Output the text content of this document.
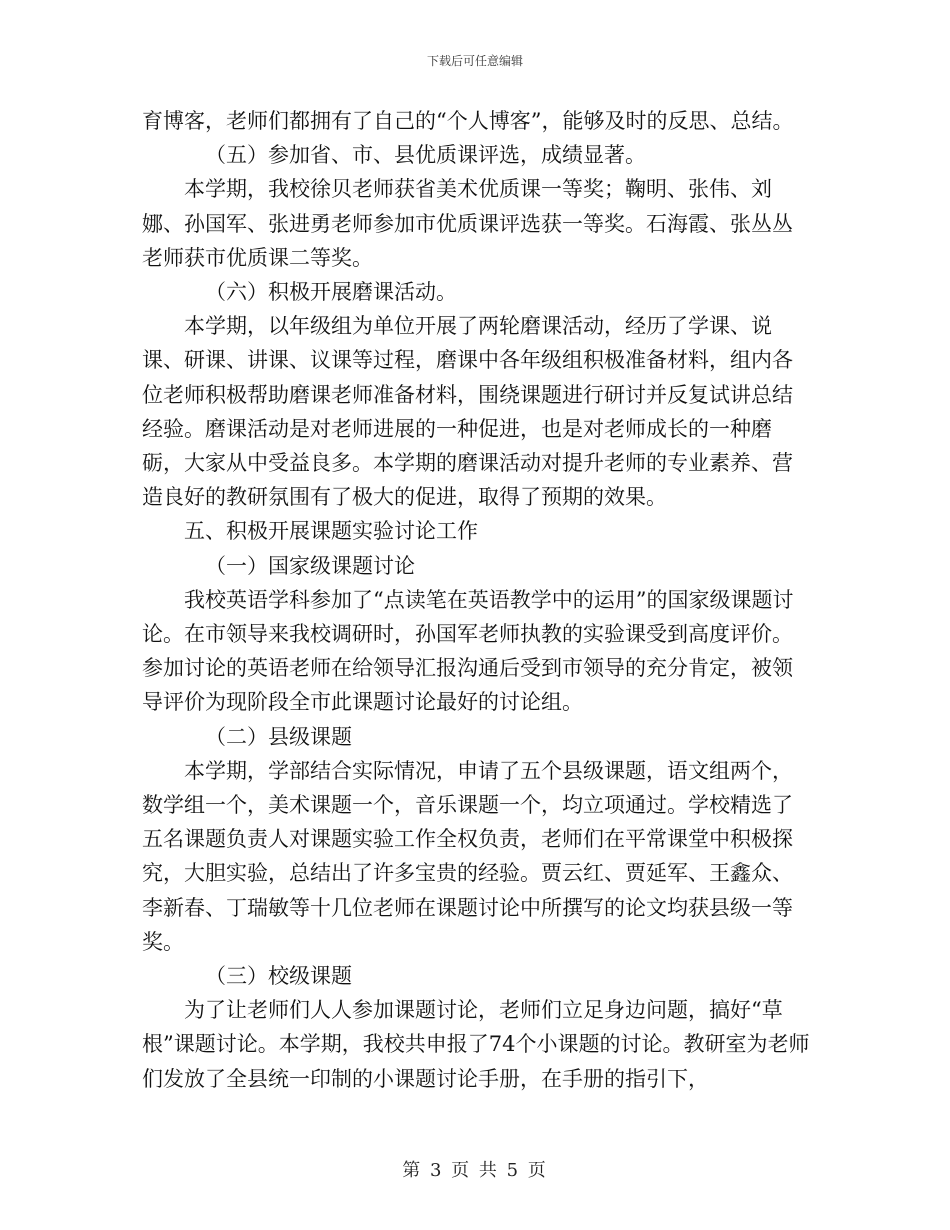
下载后可任意编辑

育博客，老师们都拥有了自己的“个人博客”，能够及时的反思、总结。

（五）参加省、市、县优质课评选，成绩显著。

本学期，我校徐贝老师获省美术优质课一等奖；鞠明、张伟、刘娜、孙国军、张进勇老师参加市优质课评选获一等奖。石海霞、张丛丛老师获市优质课二等奖。

（六）积极开展磨课活动。

本学期，以年级组为单位开展了两轮磨课活动，经历了学课、说课、研课、讲课、议课等过程，磨课中各年级组积极准备材料，组内各位老师积极帮助磨课老师准备材料，围绕课题进行研讨并反复试讲总结经验。磨课活动是对老师进展的一种促进，也是对老师成长的一种磨砺，大家从中受益良多。本学期的磨课活动对提升老师的专业素养、营造良好的教研氛围有了极大的促进，取得了预期的效果。

五、积极开展课题实验讨论工作

（一）国家级课题讨论

我校英语学科参加了“点读笔在英语教学中的运用”的国家级课题讨论。在市领导来我校调研时，孙国军老师执教的实验课受到高度评价。参加讨论的英语老师在给领导汇报沟通后受到市领导的充分肯定，被领导评价为现阶段全市此课题讨论最好的讨论组。

（二）县级课题

本学期，学部结合实际情况，申请了五个县级课题，语文组两个，数学组一个，美术课题一个，音乐课题一个，均立项通过。学校精选了五名课题负责人对课题实验工作全权负责，老师们在平常课堂中积极探究，大胆实验，总结出了许多宝贵的经验。贾云红、贾延军、王鑫众、李新春、丁瑞敏等十几位老师在课题讨论中所撰写的论文均获县级一等奖。

（三）校级课题

为了让老师们人人参加课题讨论，老师们立足身边问题，搞好“草根”课题讨论。本学期，我校共申报了74个小课题的讨论。教研室为老师们发放了全县统一印制的小课题讨论手册，在手册的指引下，

第 3 页 共 5 页
